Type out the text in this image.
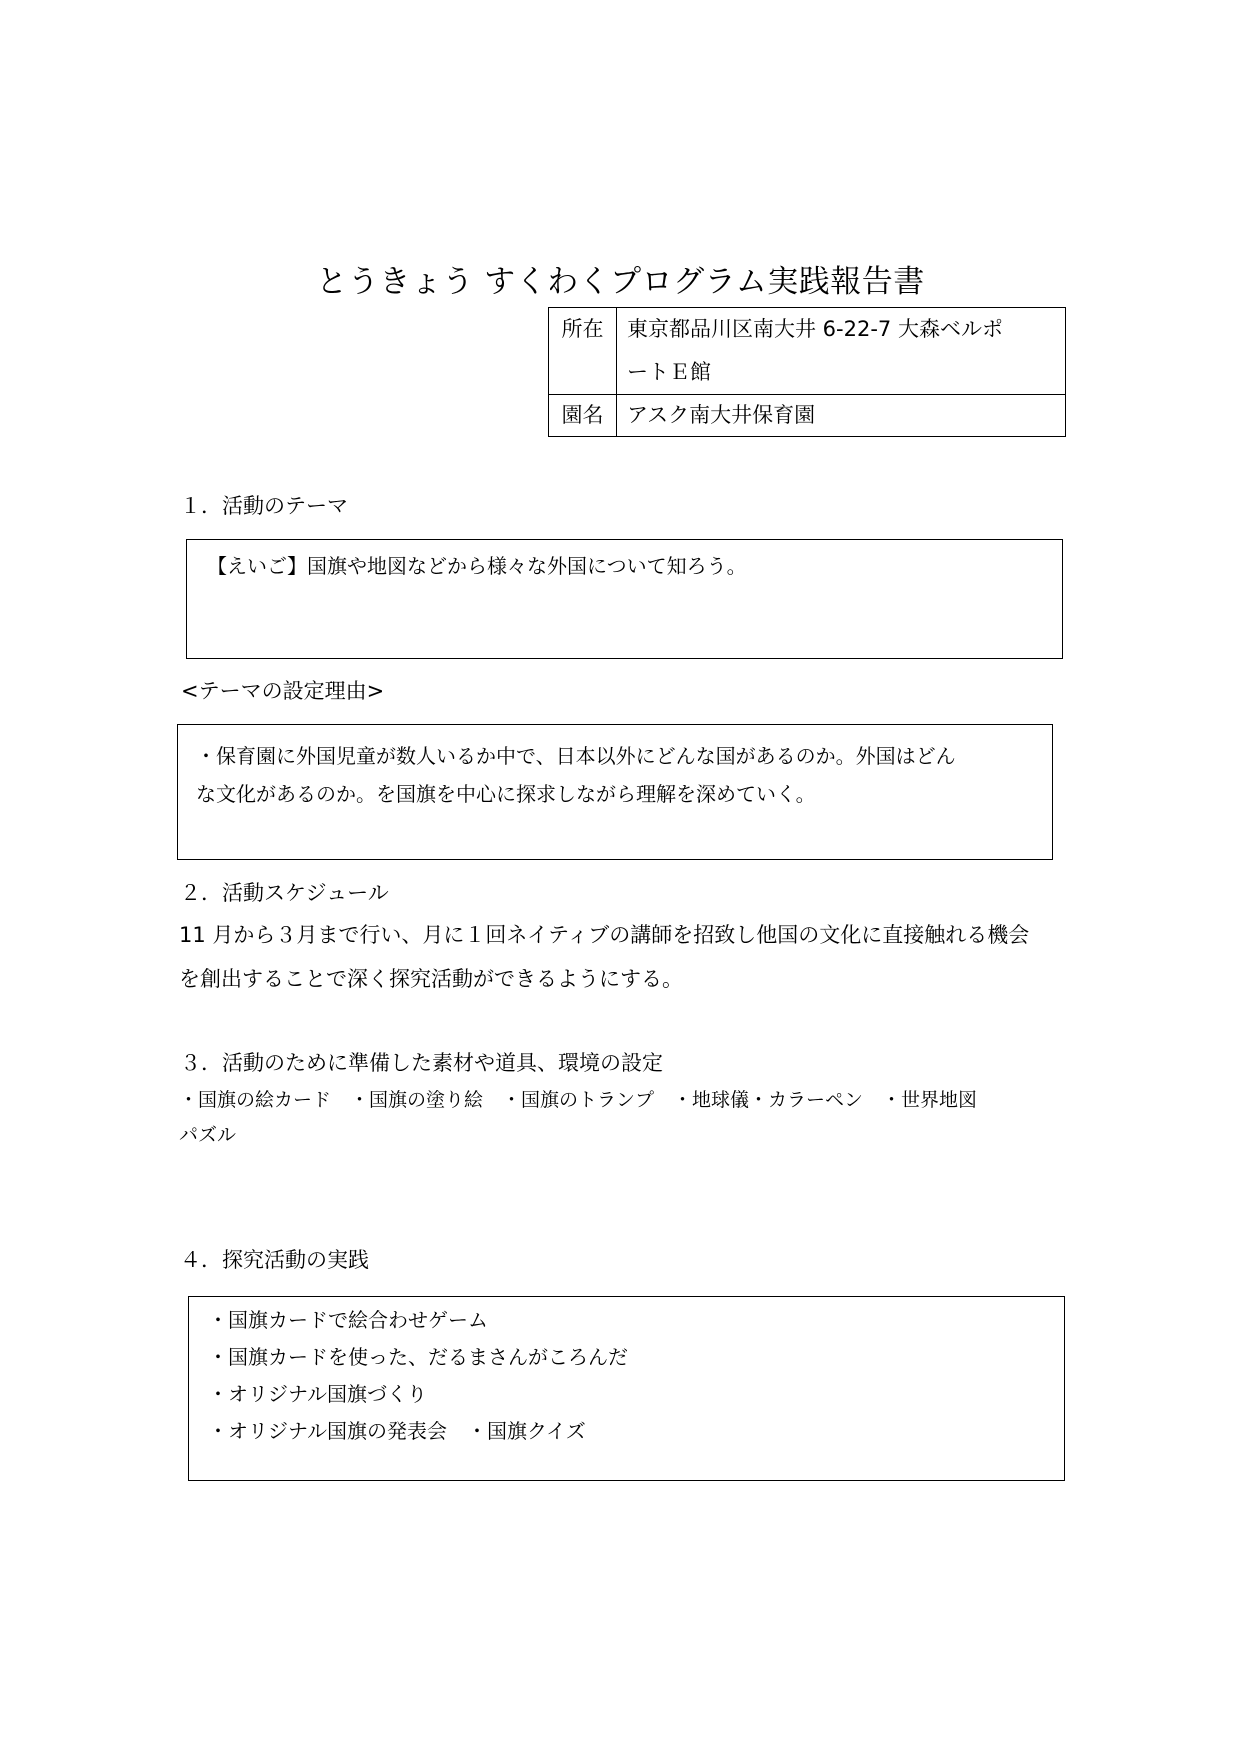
とうきょう すくわくプログラム実践報告書
所在	東京都品川区南大井 6-22-7 大森ベルポ
ートＥ館

園名	アスク南大井保育園
１．活動のテーマ
【えいご】国旗や地図などから様々な外国について知ろう。
<テーマの設定理由>
・保育園に外国児童が数人いるか中で、日本以外にどんな国があるのか。外国はどん
な文化があるのか。を国旗を中心に探求しながら理解を深めていく。
２．活動スケジュール
11 月から３月まで行い、月に１回ネイティブの講師を招致し他国の文化に直接触れる機会
を創出することで深く探究活動ができるようにする。
３．活動のために準備した素材や道具、環境の設定
・国旗の絵カード　・国旗の塗り絵　・国旗のトランプ　・地球儀・カラーペン　・世界地図
パズル
４．探究活動の実践
・国旗カードで絵合わせゲーム
・国旗カードを使った、だるまさんがころんだ
・オリジナル国旗づくり
・オリジナル国旗の発表会　・国旗クイズ
